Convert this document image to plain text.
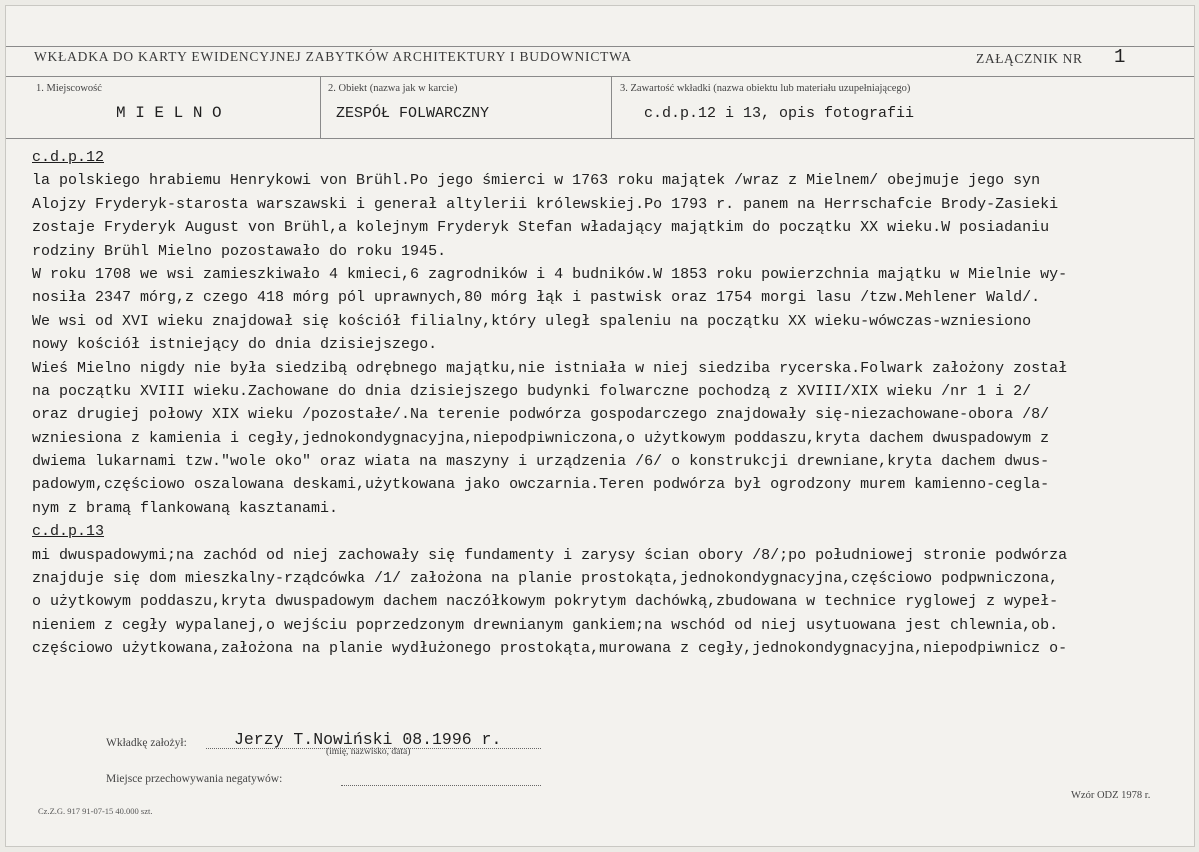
WKŁADKA DO KARTY EWIDENCYJNEJ ZABYTKÓW ARCHITEKTURY I BUDOWNICTWA	ZAŁĄCZNIK NR 1
1. Miejscowość
M I E L N O
2. Obiekt (nazwa jak w karcie)
ZESPÓŁ FOLWARCZNY
3. Zawartość wkładki (nazwa obiektu lub materiału uzupełniającego)
c.d.p.12 i 13, opis fotografii
c.d.p.12
la polskiego hrabiemu Henrykowi von Brühl.Po jego śmierci w 1763 roku majątek /wraz z Mielnem/ obejmuje jego syn
Alojzy Fryderyk-starosta warszawski i generał altylerii królewskiej.Po 1793 r. panem na Herrschafcie Brody-Zasieki
zostaje Fryderyk August von Brühl,a kolejnym Fryderyk Stefan władający majątkim do początku XX wieku.W posiadaniu
rodziny Brühl Mielno pozostawało do roku 1945.
W roku 1708 we wsi zamieszkiwało 4 kmieci,6 zagrodników i 4 budników.W 1853 roku powierzchnia majątku w Mielnie wy-
nosiła 2347 mórg,z czego 418 mórg pól uprawnych,80 mórg łąk i pastwisk oraz 1754 morgi lasu /tzw.Mehlener Wald/.
We wsi od XVI wieku znajdował się kościół filialny,który uległ spaleniu na początku XX wieku-wówczas-wzniesiono
nowy kościół istniejący do dnia dzisiejszego.
Wieś Mielno nigdy nie była siedzibą odrębnego majątku,nie istniała w niej siedziba rycerska.Folwark założony został
na początku XVIII wieku.Zachowane do dnia dzisiejszego budynki folwarczne pochodzą z XVIII/XIX wieku /nr 1 i 2/
oraz drugiej połowy XIX wieku /pozostałe/.Na terenie podwórza gospodarczego znajdowały się-niezachowane-obora /8/
wzniesiona z kamienia i cegły,jednokondygnacyjna,niepodpiwniczona,o użytkowym poddaszu,kryta dachem dwuspadowym z
dwiema lukarnami tzw."wole oko" oraz wiata na maszyny i urządzenia /6/ o konstrukcji drewniane,kryta dachem dwus-
padowym,częściowo oszalowana deskami,użytkowana jako owczarnia.Teren podwórza był ogrodzony murem kamienno-cegla-
nym z bramą flankowaną kasztanami.
c.d.p.13
mi dwuspadowymi;na zachód od niej zachowały się fundamenty i zarysy ścian obory /8/;po południowej stronie podwórza
znajduje się dom mieszkalny-rządcówka /1/ założona na planie prostokąta,jednokondygnacyjna,częściowo podpwniczona,
o użytkowym poddaszu,kryta dwuspadowym dachem naczółkowym pokrytym dachówką,zbudowana w technice ryglowej z wypeł-
nieniem z cegły wypalanej,o wejściu poprzedzonym drewnianym gankiem;na wschód od niej usytuowana jest chlewnia,ob.
częściowo użytkowana,założona na planie wydłużonego prostokąta,murowana z cegły,jednokondygnacyjna,niepodpiwnicz o-
Wkładkę założył:	Jerzy T.Nowiński 08.1996 r.
(imię, nazwisko, data)
Miejsce przechowywania negatywów:
Cz.Z.G. 917 91-07-15 40.000 szt.
Wzór ODZ 1978 r.
